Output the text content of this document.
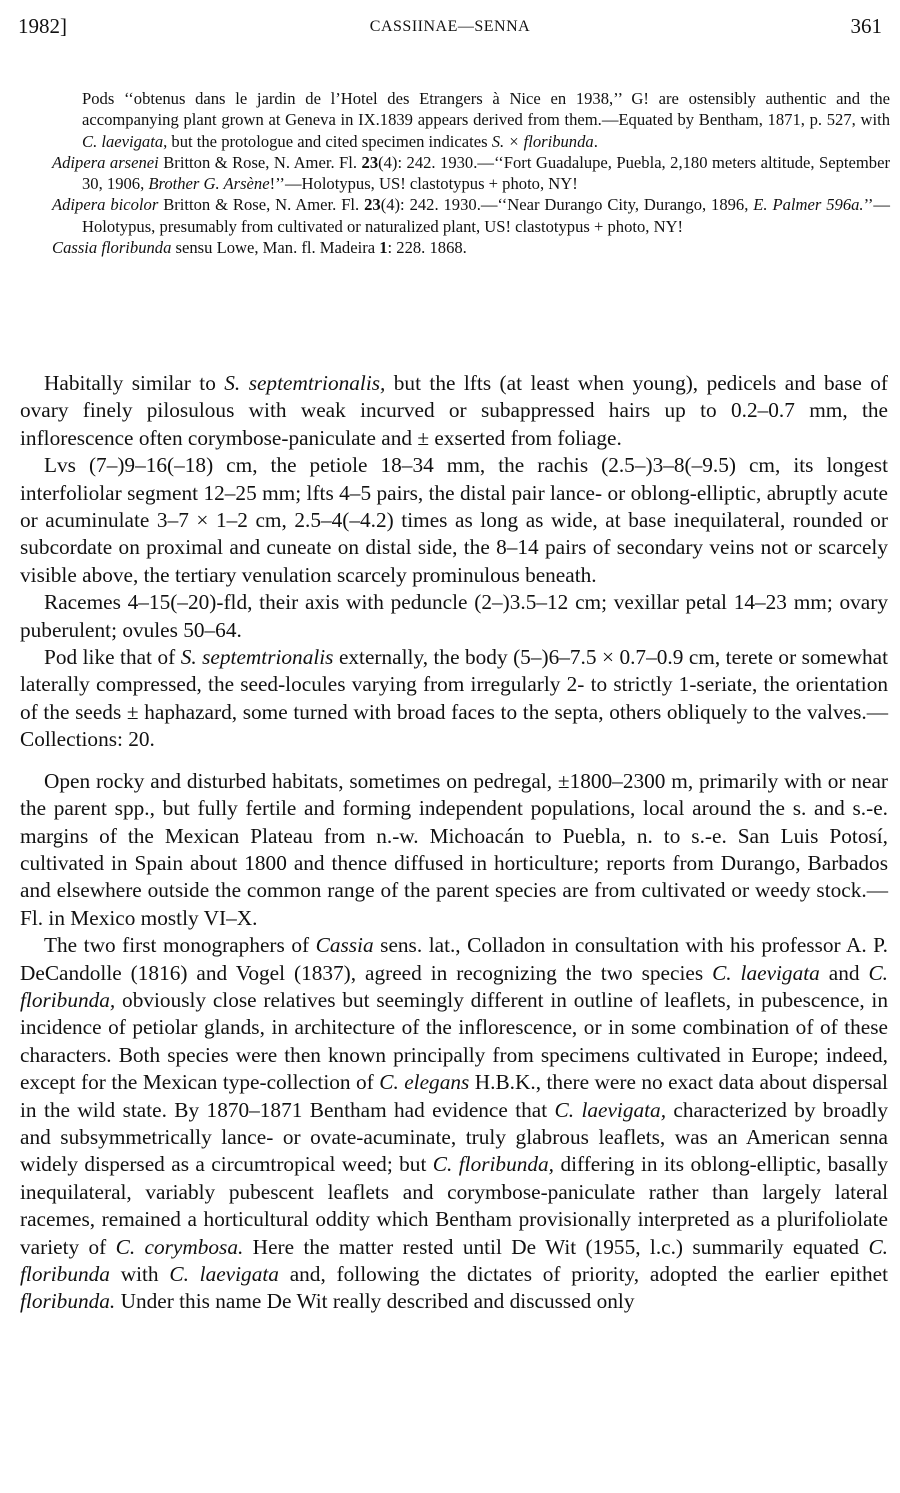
1982]	CASSIINAE—SENNA	361

Pods ‘‘obtenus dans le jardin de l’Hotel des Etrangers à Nice en 1938,’’ G! are ostensibly authentic and the accompanying plant grown at Geneva in IX.1839 appears derived from them.—Equated by Bentham, 1871, p. 527, with C. laevigata, but the protologue and cited specimen indicates S. × floribunda.

Adipera arsenei Britton & Rose, N. Amer. Fl. 23(4): 242. 1930.—‘‘Fort Guadalupe, Puebla, 2,180 meters altitude, September 30, 1906, Brother G. Arsène!’’—Holotypus, US! clastotypus + photo, NY!

Adipera bicolor Britton & Rose, N. Amer. Fl. 23(4): 242. 1930.—‘‘Near Durango City, Durango, 1896, E. Palmer 596a.’’—Holotypus, presumably from cultivated or naturalized plant, US! clastotypus + photo, NY!

Cassia floribunda sensu Lowe, Man. fl. Madeira 1: 228. 1868.

Habitally similar to S. septemtrionalis, but the lfts (at least when young), pedicels and base of ovary finely pilosulous with weak incurved or subappressed hairs up to 0.2–0.7 mm, the inflorescence often corymbose-paniculate and ± exserted from foliage.

Lvs (7–)9–16(–18) cm, the petiole 18–34 mm, the rachis (2.5–)3–8(–9.5) cm, its longest interfoliolar segment 12–25 mm; lfts 4–5 pairs, the distal pair lance- or oblong-elliptic, abruptly acute or acuminulate 3–7 × 1–2 cm, 2.5–4(–4.2) times as long as wide, at base inequilateral, rounded or subcordate on proximal and cuneate on distal side, the 8–14 pairs of secondary veins not or scarcely visible above, the tertiary venulation scarcely prominulous beneath.

Racemes 4–15(–20)-fld, their axis with peduncle (2–)3.5–12 cm; vexillar petal 14–23 mm; ovary puberulent; ovules 50–64.

Pod like that of S. septemtrionalis externally, the body (5–)6–7.5 × 0.7–0.9 cm, terete or somewhat laterally compressed, the seed-locules varying from irregularly 2- to strictly 1-seriate, the orientation of the seeds ± haphazard, some turned with broad faces to the septa, others obliquely to the valves.—Collections: 20.

Open rocky and disturbed habitats, sometimes on pedregal, ±1800–2300 m, primarily with or near the parent spp., but fully fertile and forming independent populations, local around the s. and s.-e. margins of the Mexican Plateau from n.-w. Michoacán to Puebla, n. to s.-e. San Luis Potosí, cultivated in Spain about 1800 and thence diffused in horticulture; reports from Durango, Barbados and elsewhere outside the common range of the parent species are from cultivated or weedy stock.—Fl. in Mexico mostly VI–X.

The two first monographers of Cassia sens. lat., Colladon in consultation with his professor A. P. DeCandolle (1816) and Vogel (1837), agreed in recognizing the two species C. laevigata and C. floribunda, obviously close relatives but seemingly different in outline of leaflets, in pubescence, in incidence of petiolar glands, in architecture of the inflorescence, or in some combination of of these characters. Both species were then known principally from specimens cultivated in Europe; indeed, except for the Mexican type-collection of C. elegans H.B.K., there were no exact data about dispersal in the wild state. By 1870–1871 Bentham had evidence that C. laevigata, characterized by broadly and subsymmetrically lance- or ovate-acuminate, truly glabrous leaflets, was an American senna widely dispersed as a circumtropical weed; but C. floribunda, differing in its oblong-elliptic, basally inequilateral, variably pubescent leaflets and corymbose-paniculate rather than largely lateral racemes, remained a horticultural oddity which Bentham provisionally interpreted as a plurifoliolate variety of C. corymbosa. Here the matter rested until De Wit (1955, l.c.) summarily equated C. floribunda with C. laevigata and, following the dictates of priority, adopted the earlier epithet floribunda. Under this name De Wit really described and discussed only
